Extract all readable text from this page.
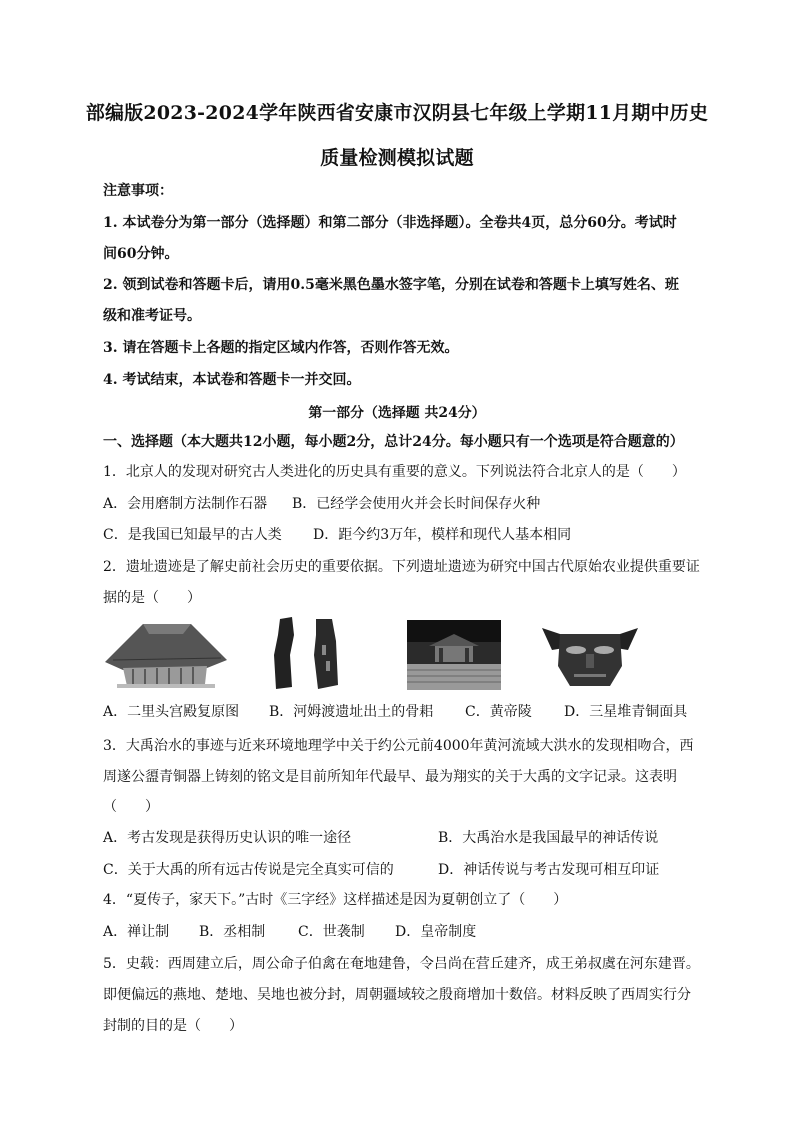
部编版2023-2024学年陕西省安康市汉阴县七年级上学期11月期中历史
质量检测模拟试题
注意事项：
1. 本试卷分为第一部分（选择题）和第二部分（非选择题）。全卷共4页，总分60分。考试时
间60分钟。
2. 领到试卷和答题卡后，请用0.5毫米黑色墨水签字笔，分别在试卷和答题卡上填写姓名、班
级和准考证号。
3. 请在答题卡上各题的指定区域内作答，否则作答无效。
4. 考试结束，本试卷和答题卡一并交回。
第一部分（选择题 共24分）
一、选择题（本大题共12小题，每小题2分，总计24分。每小题只有一个选项是符合题意的）
1．北京人的发现对研究古人类进化的历史具有重要的意义。下列说法符合北京人的是（　　）
A．会用磨制方法制作石器 B．已经学会使用火并会长时间保存火种
C．是我国已知最早的古人类 D．距今约3万年，模样和现代人基本相同
2．遗址遗迹是了解史前社会历史的重要依据。下列遗址遗迹为研究中国古代原始农业提供重要证
据的是（　　）
A．二里头宫殿复原图 B．河姆渡遗址出土的骨耜 C．黄帝陵 D．三星堆青铜面具
3．大禹治水的事迹与近来环境地理学中关于约公元前4000年黄河流域大洪水的发现相吻合，西
周遂公盨青铜器上铸刻的铭文是目前所知年代最早、最为翔实的关于大禹的文字记录。这表明
（　　）
A．考古发现是获得历史认识的唯一途径	B．大禹治水是我国最早的神话传说
C．关于大禹的所有远古传说是完全真实可信的	D．神话传说与考古发现可相互印证
4．“夏传子，家天下。”古时《三字经》这样描述是因为夏朝创立了（　　）
A．禅让制 B．丞相制 C．世袭制 D．皇帝制度
5．史载：西周建立后，周公命子伯禽在奄地建鲁，令吕尚在营丘建齐，成王弟叔虞在河东建晋。
即便偏远的燕地、楚地、吴地也被分封，周朝疆域较之殷商增加十数倍。材料反映了西周实行分
封制的目的是（　　）
